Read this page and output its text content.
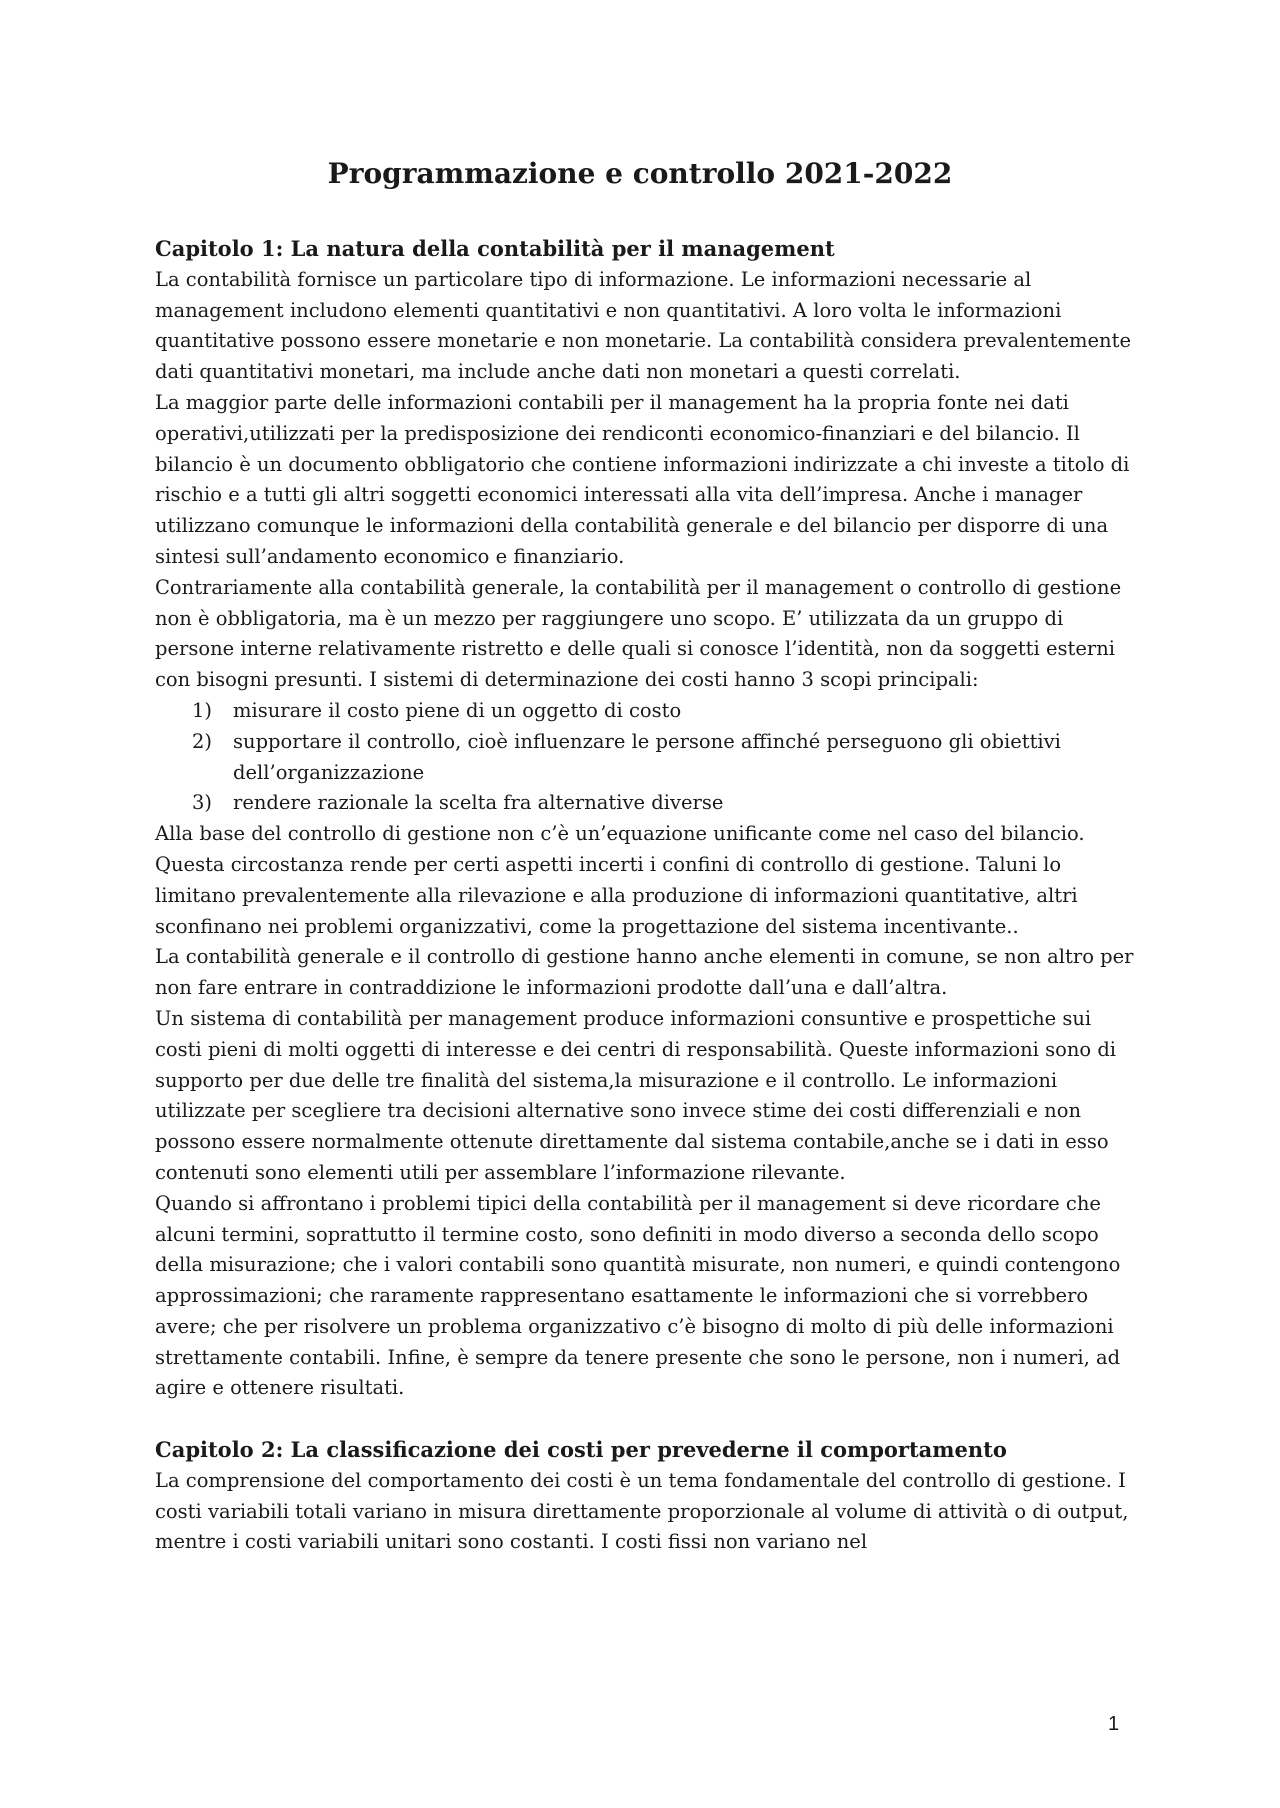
Programmazione e controllo 2021-2022
Capitolo 1: La natura della contabilità per il management

La contabilità fornisce un particolare tipo di informazione. Le informazioni necessarie al management includono elementi quantitativi e non quantitativi. A loro volta le informazioni quantitative possono essere monetarie e non monetarie. La contabilità considera prevalentemente dati quantitativi monetari, ma include anche dati non monetari a questi correlati.

La maggior parte delle informazioni contabili per il management ha la propria fonte nei dati operativi,utilizzati per la predisposizione dei rendiconti economico-finanziari e del bilancio. Il bilancio è un documento obbligatorio che contiene informazioni indirizzate a chi investe a titolo di rischio e a tutti gli altri soggetti economici interessati alla vita dell’impresa. Anche i manager utilizzano comunque le informazioni della contabilità generale e del bilancio per disporre di una sintesi sull’andamento economico e finanziario.

Contrariamente alla contabilità generale, la contabilità per il management o controllo di gestione non è obbligatoria, ma è un mezzo per raggiungere uno scopo. E’ utilizzata da un gruppo di persone interne relativamente ristretto e delle quali si conosce l’identità, non da soggetti esterni con bisogni presunti. I sistemi di determinazione dei costi hanno 3 scopi principali:

1) misurare il costo piene di un oggetto di costo
2) supportare il controllo, cioè influenzare le persone affinché perseguono gli obiettivi dell’organizzazione
3) rendere razionale la scelta fra alternative diverse

Alla base del controllo di gestione non c’è un’equazione unificante come nel caso del bilancio. Questa circostanza rende per certi aspetti incerti i confini di controllo di gestione. Taluni lo limitano prevalentemente alla rilevazione e alla produzione di informazioni quantitative, altri sconfinano nei problemi organizzativi, come la progettazione del sistema incentivante..

La contabilità generale e il controllo di gestione hanno anche elementi in comune, se non altro per non fare entrare in contraddizione le informazioni prodotte dall’una e dall’altra.

Un sistema di contabilità per management produce informazioni consuntive e prospettiche sui costi pieni di molti oggetti di interesse e dei centri di responsabilità. Queste informazioni sono di supporto per due delle tre finalità del sistema,la misurazione e il controllo. Le informazioni utilizzate per scegliere tra decisioni alternative sono invece stime dei costi differenziali e non possono essere normalmente ottenute direttamente dal sistema contabile,anche se i dati in esso contenuti sono elementi utili per assemblare l’informazione rilevante.

Quando si affrontano i problemi tipici della contabilità per il management si deve ricordare che alcuni termini, soprattutto il termine costo, sono definiti in modo diverso a seconda dello scopo della misurazione; che i valori contabili sono quantità misurate, non numeri, e quindi contengono approssimazioni; che raramente rappresentano esattamente le informazioni che si vorrebbero avere; che per risolvere un problema organizzativo c’è bisogno di molto di più delle informazioni strettamente contabili. Infine, è sempre da tenere presente che sono le persone, non i numeri, ad agire e ottenere risultati.

Capitolo 2: La classificazione dei costi per prevederne il comportamento

La comprensione del comportamento dei costi è un tema fondamentale del controllo di gestione. I costi variabili totali variano in misura direttamente proporzionale al volume di attività o di output, mentre i costi variabili unitari sono costanti. I costi fissi non variano nel

1
